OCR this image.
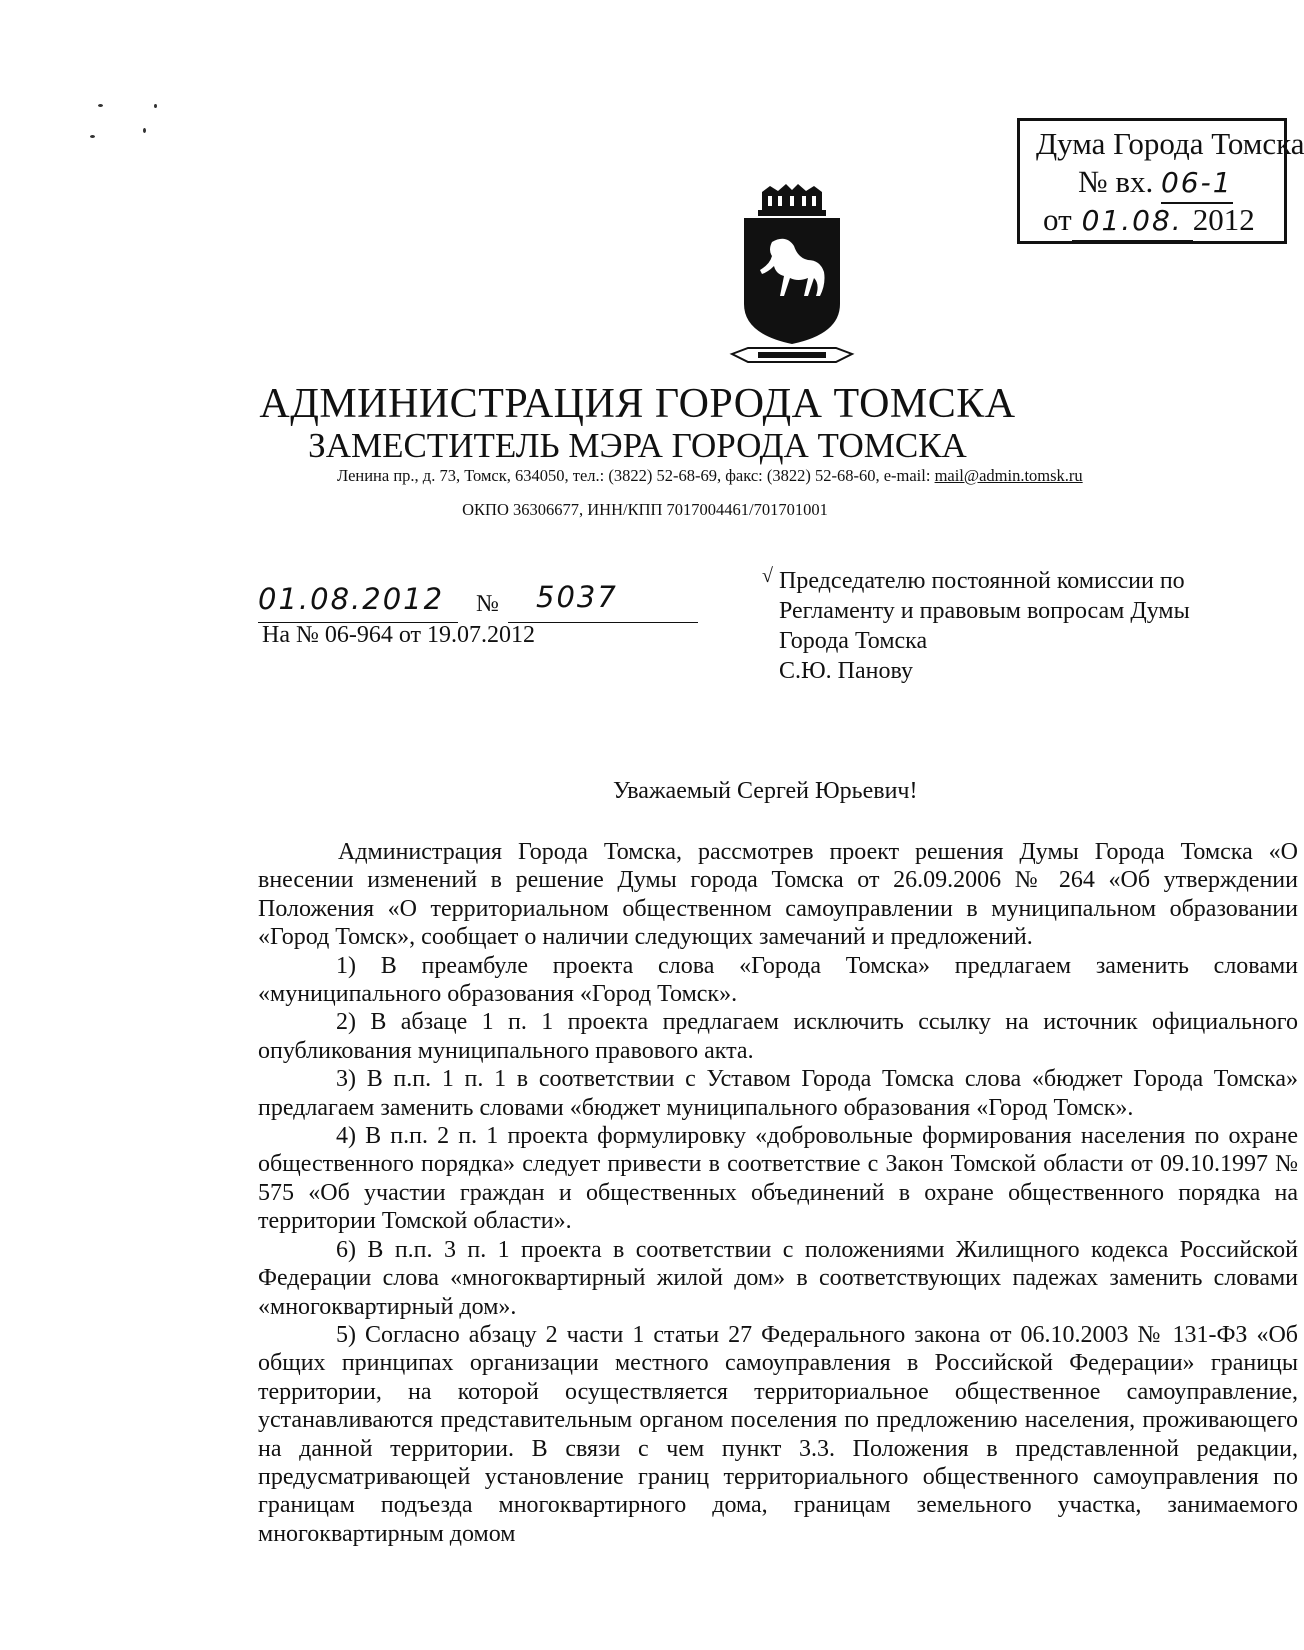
Дума Города Томска
№ вх. 06-1
от 01.08. 2012
АДМИНИСТРАЦИЯ ГОРОДА ТОМСКА
ЗАМЕСТИТЕЛЬ МЭРА ГОРОДА ТОМСКА
Ленина пр., д. 73, Томск, 634050, тел.: (3822) 52-68-69, факс: (3822) 52-68-60, e-mail: mail@admin.tomsk.ru
ОКПО 36306677, ИНН/КПП 7017004461/701701001
01.08.2012 № 5037
На № 06-964 от 19.07.2012
√ Председателю постоянной комиссии по
Регламенту и правовым вопросам Думы
Города Томска
С.Ю. Панову
Уважаемый Сергей Юрьевич!

Администрация Города Томска, рассмотрев проект решения Думы Города Томска «О внесении изменений в решение Думы города Томска от 26.09.2006 № 264 «Об утверждении Положения «О территориальном общественном самоуправлении в муниципальном образовании «Город Томск», сообщает о наличии следующих замечаний и предложений.

1) В преамбуле проекта слова «Города Томска» предлагаем заменить словами «муниципального образования «Город Томск».

2) В абзаце 1 п. 1 проекта предлагаем исключить ссылку на источник официального опубликования муниципального правового акта.

3) В п.п. 1 п. 1 в соответствии с Уставом Города Томска слова «бюджет Города Томска» предлагаем заменить словами «бюджет муниципального образования «Город Томск».

4) В п.п. 2 п. 1 проекта формулировку «добровольные формирования населения по охране общественного порядка» следует привести в соответствие с Закон Томской области от 09.10.1997 № 575 «Об участии граждан и общественных объединений в охране общественного порядка на территории Томской области».

6) В п.п. 3 п. 1 проекта в соответствии с положениями Жилищного кодекса Российской Федерации слова «многоквартирный жилой дом» в соответствующих падежах заменить словами «многоквартирный дом».

5) Согласно абзацу 2 части 1 статьи 27 Федерального закона от 06.10.2003 № 131-ФЗ «Об общих принципах организации местного самоуправления в Российской Федерации» границы территории, на которой осуществляется территориальное общественное самоуправление, устанавливаются представительным органом поселения по предложению населения, проживающего на данной территории. В связи с чем пункт 3.3. Положения в представленной редакции, предусматривающей установление границ территориального общественного самоуправления по границам подъезда многоквартирного дома, границам земельного участка, занимаемого многоквартирным домом
